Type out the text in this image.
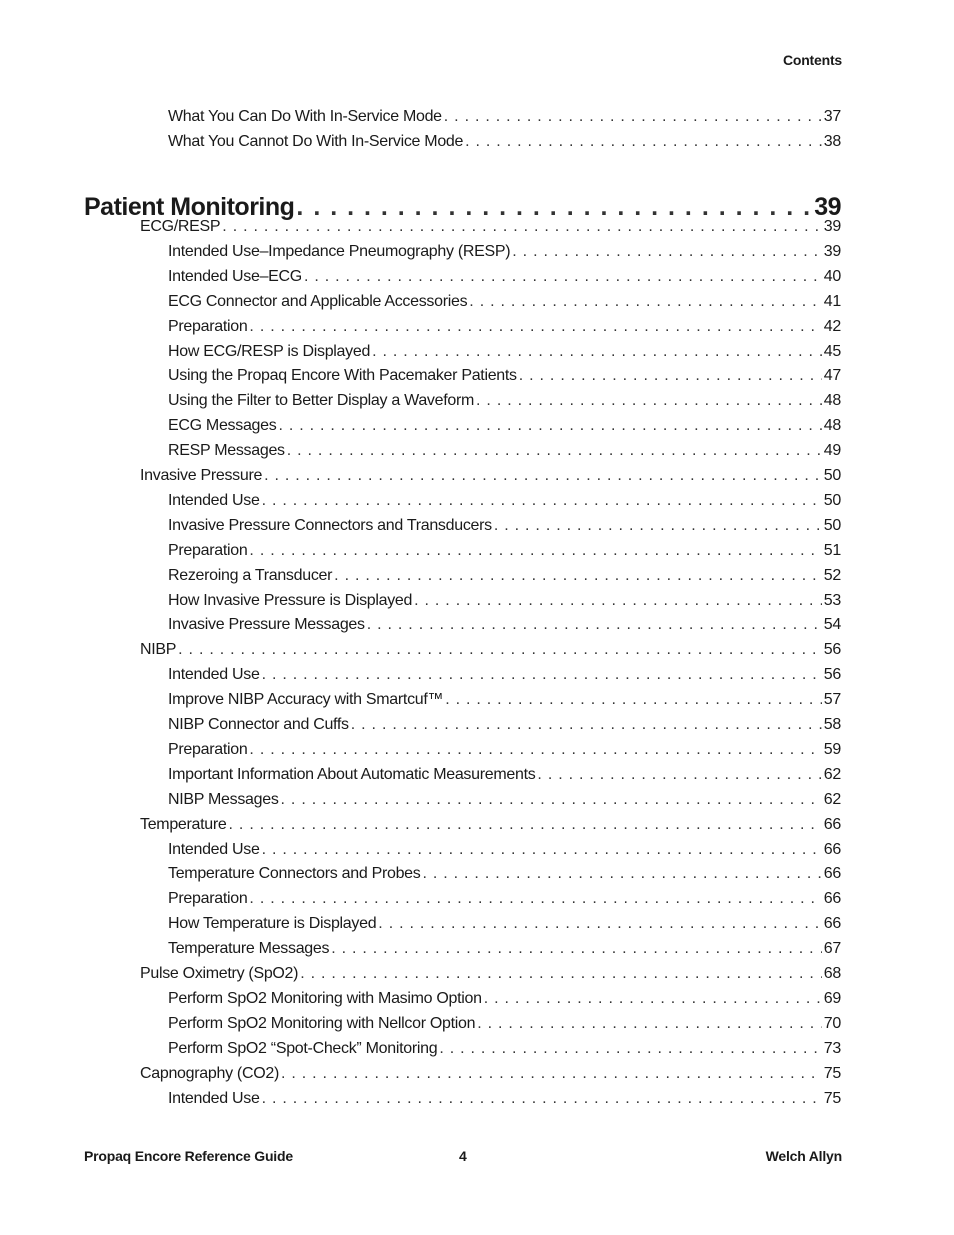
Contents
What You Can Do With In-Service Mode . . .	37
What You Cannot Do With In-Service Mode . . .	38
Patient Monitoring . . .	39
ECG/RESP . . .	39
Intended Use–Impedance Pneumography (RESP) . . .	39
Intended Use–ECG . . .	40
ECG Connector and Applicable Accessories . . .	41
Preparation . . .	42
How ECG/RESP is Displayed . . .	45
Using the Propaq Encore With Pacemaker Patients . . .	47
Using the Filter to Better Display a Waveform . . .	48
ECG Messages . . .	48
RESP Messages . . .	49
Invasive Pressure . . .	50
Intended Use . . .	50
Invasive Pressure Connectors and Transducers . . .	50
Preparation . . .	51
Rezeroing a Transducer . . .	52
How Invasive Pressure is Displayed . . .	53
Invasive Pressure Messages . . .	54
NIBP . . .	56
Intended Use . . .	56
Improve NIBP Accuracy with Smartcuf™ . . .	57
NIBP Connector and Cuffs . . .	58
Preparation . . .	59
Important Information About Automatic Measurements . . .	62
NIBP Messages . . .	62
Temperature . . .	66
Intended Use . . .	66
Temperature Connectors and Probes . . .	66
Preparation . . .	66
How Temperature is Displayed . . .	66
Temperature Messages . . .	67
Pulse Oximetry (SpO2) . . .	68
Perform SpO2 Monitoring with Masimo Option . . .	69
Perform SpO2 Monitoring with Nellcor Option . . .	70
Perform SpO2 “Spot-Check” Monitoring . . .	73
Capnography (CO2) . . .	75
Intended Use . . .	75
Propaq Encore Reference Guide	4	Welch Allyn
